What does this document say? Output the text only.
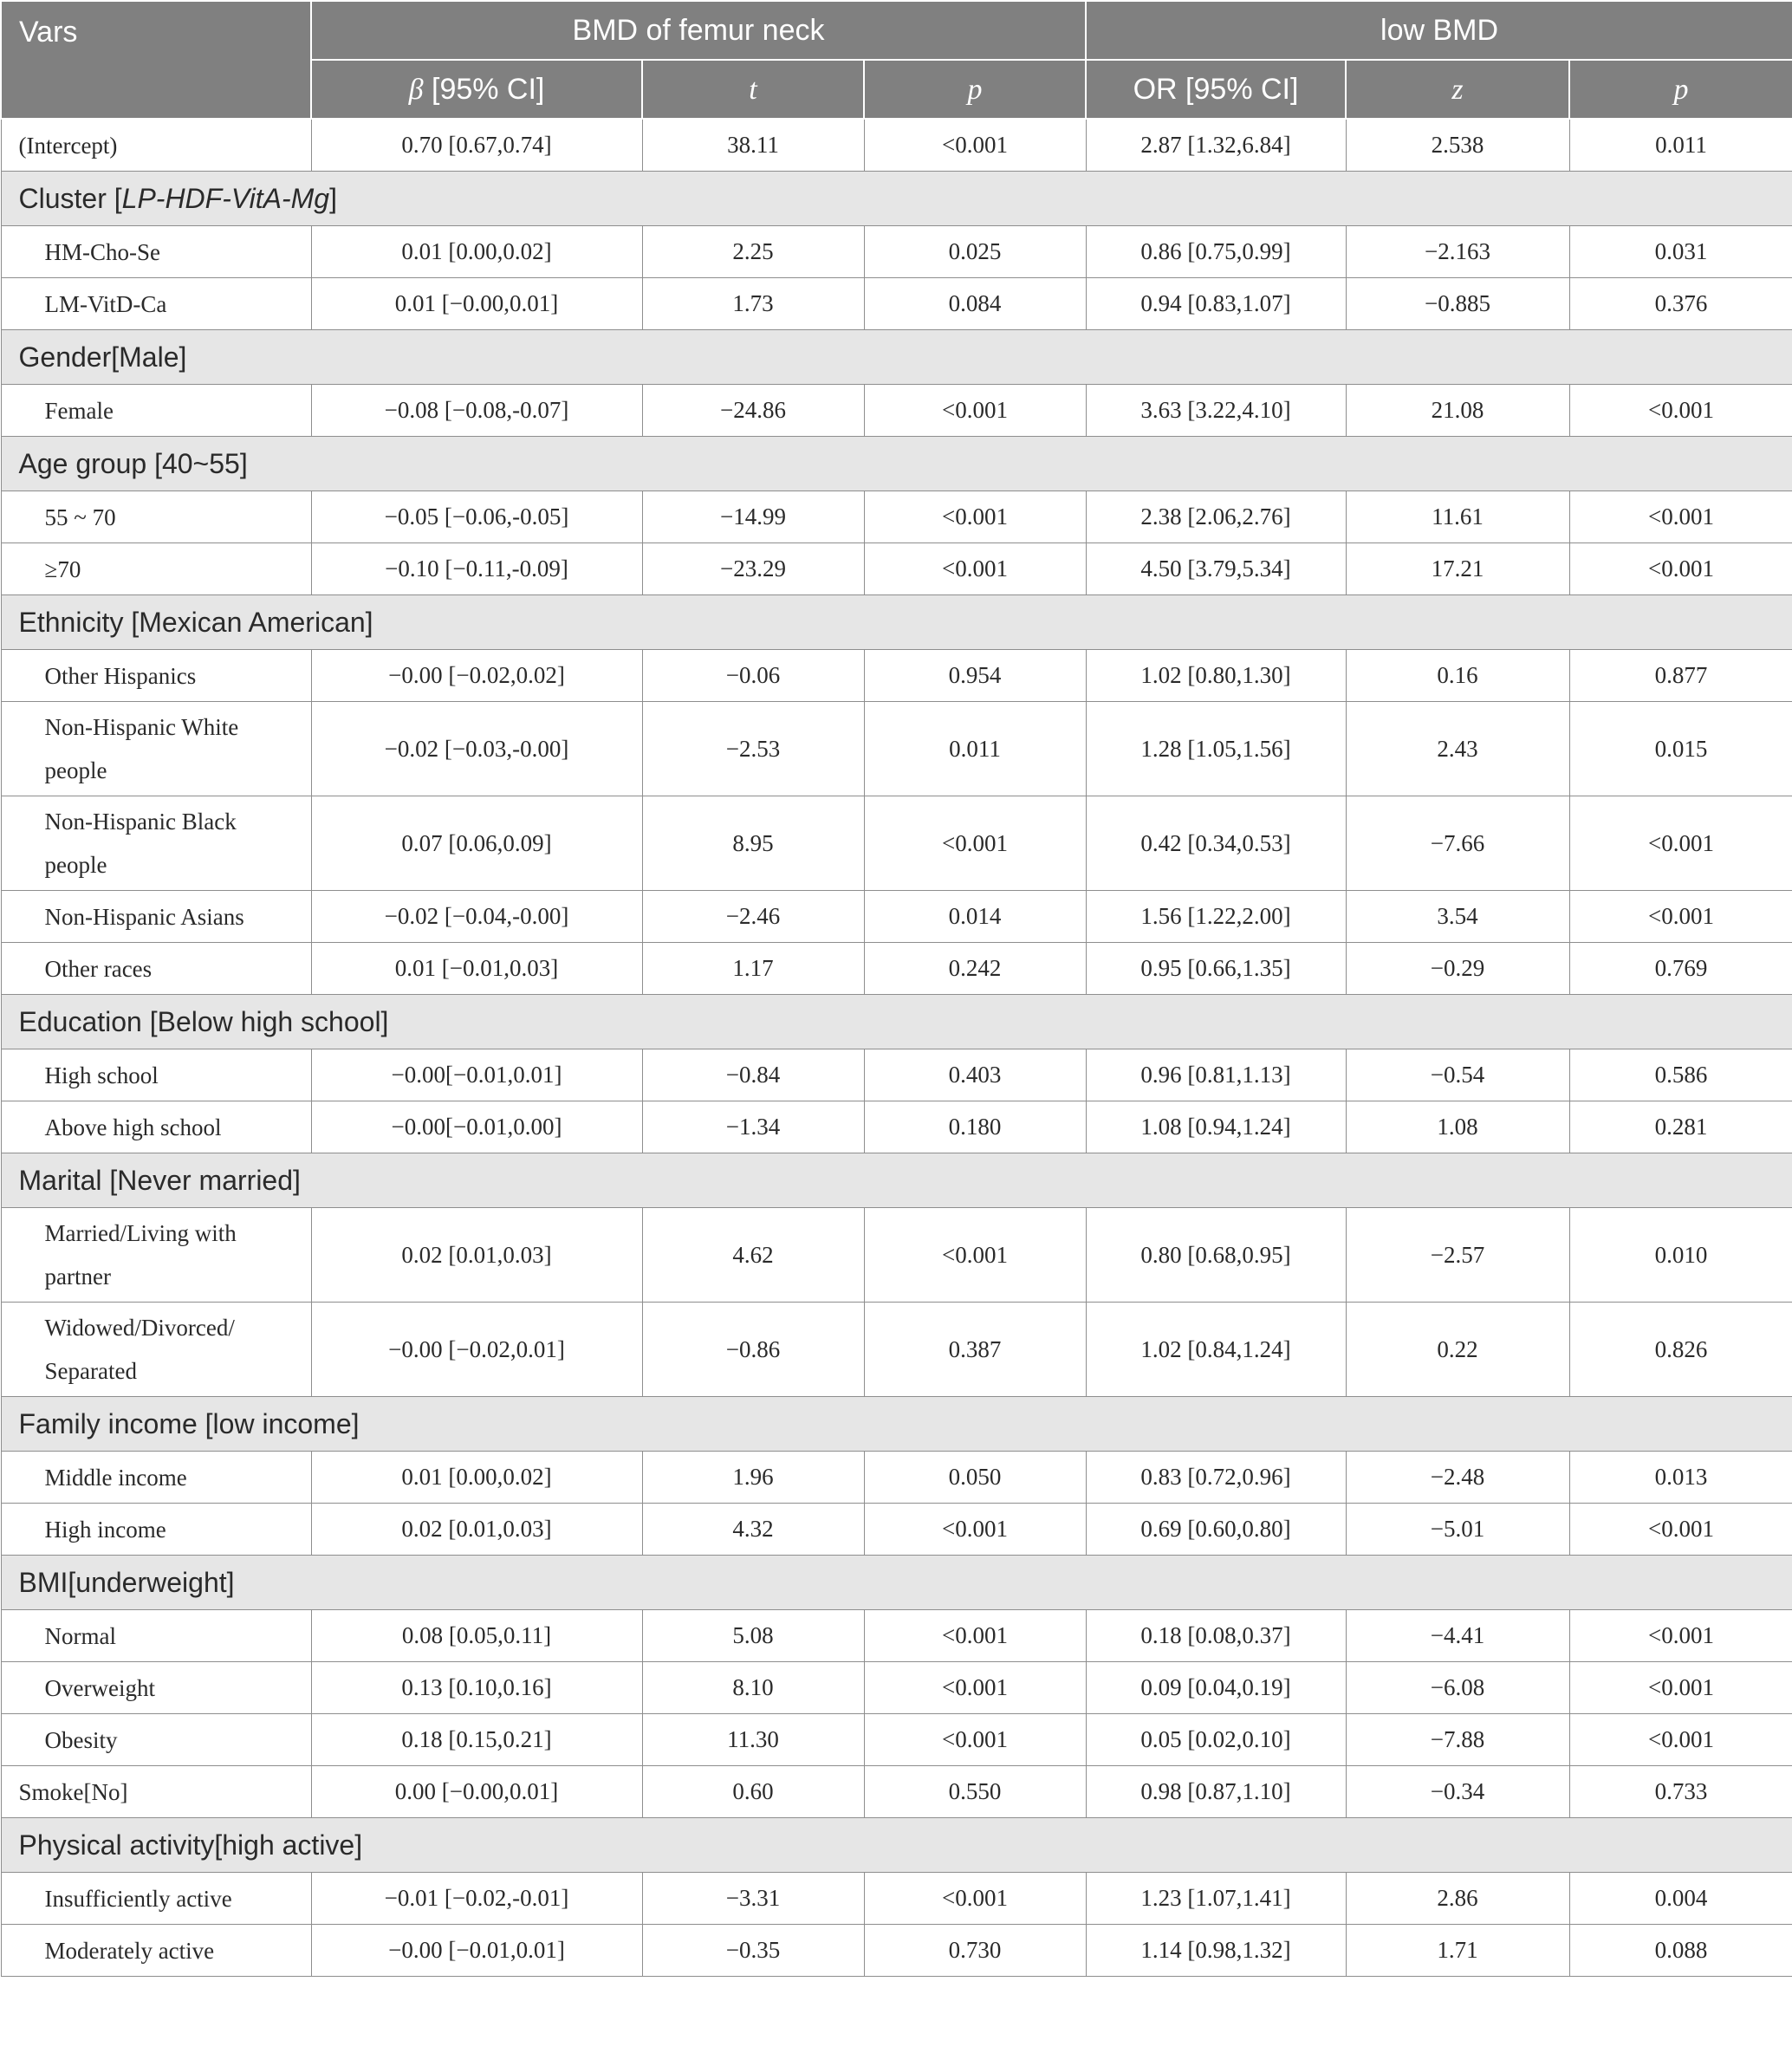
Vars	BMD of femur neck			low BMD		
	β [95% CI]	t	p	OR [95% CI]	z	p
(Intercept)	0.70 [0.67,0.74]	38.11	<0.001	2.87 [1.32,6.84]	2.538	0.011
Cluster [LP-HDF-VitA-Mg]						
HM-Cho-Se	0.01 [0.00,0.02]	2.25	0.025	0.86 [0.75,0.99]	−2.163	0.031
LM-VitD-Ca	0.01 [−0.00,0.01]	1.73	0.084	0.94 [0.83,1.07]	−0.885	0.376
Gender[Male]						
Female	−0.08 [−0.08,-0.07]	−24.86	<0.001	3.63 [3.22,4.10]	21.08	<0.001
Age group [40~55]						
55 ~ 70	−0.05 [−0.06,-0.05]	−14.99	<0.001	2.38 [2.06,2.76]	11.61	<0.001
≥70	−0.10 [−0.11,-0.09]	−23.29	<0.001	4.50 [3.79,5.34]	17.21	<0.001
Ethnicity [Mexican American]						
Other Hispanics	−0.00 [−0.02,0.02]	−0.06	0.954	1.02 [0.80,1.30]	0.16	0.877
Non-Hispanic White
people	−0.02 [−0.03,-0.00]	−2.53	0.011	1.28 [1.05,1.56]	2.43	0.015
Non-Hispanic Black
people	0.07 [0.06,0.09]	8.95	<0.001	0.42 [0.34,0.53]	−7.66	<0.001
Non-Hispanic Asians	−0.02 [−0.04,-0.00]	−2.46	0.014	1.56 [1.22,2.00]	3.54	<0.001
Other races	0.01 [−0.01,0.03]	1.17	0.242	0.95 [0.66,1.35]	−0.29	0.769
Education [Below high school]						
High school	−0.00[−0.01,0.01]	−0.84	0.403	0.96 [0.81,1.13]	−0.54	0.586
Above high school	−0.00[−0.01,0.00]	−1.34	0.180	1.08 [0.94,1.24]	1.08	0.281
Marital [Never married]						
Married/Living with
partner	0.02 [0.01,0.03]	4.62	<0.001	0.80 [0.68,0.95]	−2.57	0.010
Widowed/Divorced/
Separated	−0.00 [−0.02,0.01]	−0.86	0.387	1.02 [0.84,1.24]	0.22	0.826
Family income [low income]						
Middle income	0.01 [0.00,0.02]	1.96	0.050	0.83 [0.72,0.96]	−2.48	0.013
High income	0.02 [0.01,0.03]	4.32	<0.001	0.69 [0.60,0.80]	−5.01	<0.001
BMI[underweight]						
Normal	0.08 [0.05,0.11]	5.08	<0.001	0.18 [0.08,0.37]	−4.41	<0.001
Overweight	0.13 [0.10,0.16]	8.10	<0.001	0.09 [0.04,0.19]	−6.08	<0.001
Obesity	0.18 [0.15,0.21]	11.30	<0.001	0.05 [0.02,0.10]	−7.88	<0.001
Smoke[No]	0.00 [−0.00,0.01]	0.60	0.550	0.98 [0.87,1.10]	−0.34	0.733
Physical activity[high active]						
Insufficiently active	−0.01 [−0.02,-0.01]	−3.31	<0.001	1.23 [1.07,1.41]	2.86	0.004
Moderately active	−0.00 [−0.01,0.01]	−0.35	0.730	1.14 [0.98,1.32]	1.71	0.088
